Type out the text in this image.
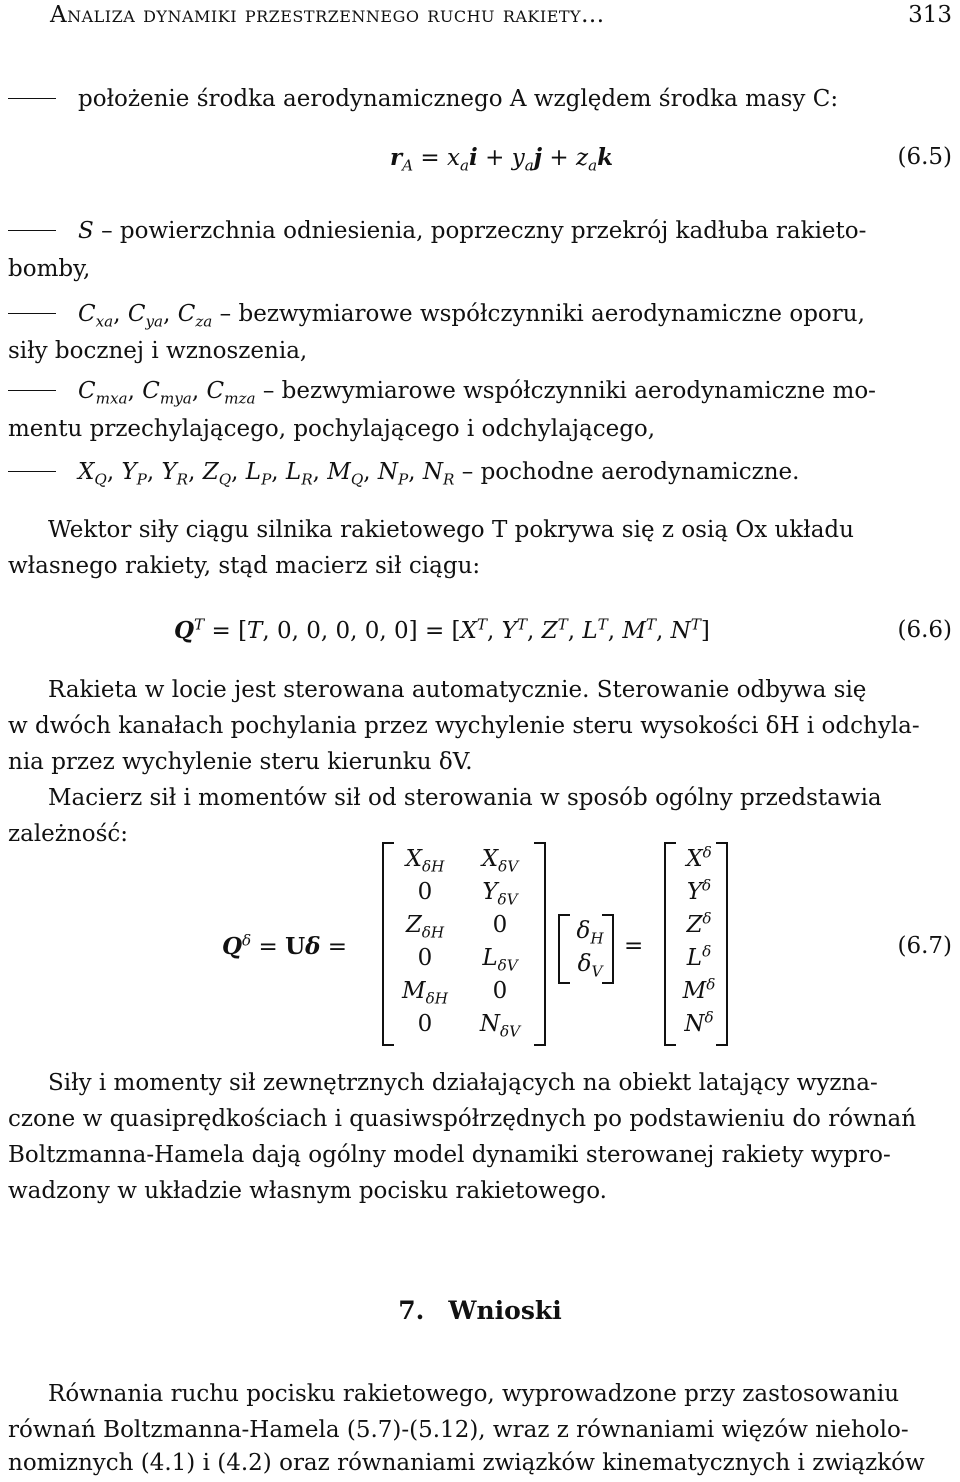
Analiza dynamiki przestrzennego ruchu rakiety...	313
położenie środka aerodynamicznego A względem środka masy C:
$r_A = x_ai + y_aj + z_ak$	(6.5)
S – powierzchnia odniesienia, poprzeczny przekrój kadłuba rakieto-
bomby,
$C_{xa}$, $C_{ya}$, $C_{za}$ – bezwymiarowe współczynniki aerodynamiczne oporu,
siły bocznej i wznoszenia,
$C_{mxa}$, $C_{mya}$, $C_{mza}$ – bezwymiarowe współczynniki aerodynamiczne mo-
mentu przechylającego, pochylającego i odchylającego,
$X_Q$, $Y_P$, $Y_R$, $Z_Q$, $L_P$, $L_R$, $M_Q$, $N_P$, $N_R$ – pochodne aerodynamiczne.
Wektor siły ciągu silnika rakietowego T pokrywa się z osią Ox układu
własnego rakiety, stąd macierz sił ciągu:
$Q^T = [T$, 0, 0, 0, 0, $0] = [X^T$, $Y^T$, $Z^T$, $L^T$, $M^T$, $N^T$]	(6.6)
Rakieta w locie jest sterowana automatycznie. Sterowanie odbywa się
w dwóch kanałach pochylania przez wychylenie steru wysokości δH i odchyla-
nia przez wychylenie steru kierunku δV.
Macierz sił i momentów sił od sterowania w sposób ogólny przedstawia
zależność:
$Q^\delta = U\delta$ =
$X_{\delta H}$	$X_{\delta V}$
0	$Y_{\delta V}$
$Z_{\delta H}$	0
0	$L_{\delta V}$
$M_{\delta H}$	0
0	$N_{\delta V}$
$\delta_H$
$\delta_V$
=
$X^\delta$
$Y^\delta$
$Z^\delta$
$L^\delta$
$M^\delta$
$N^\delta$
(6.7)
Siły i momenty sił zewnętrznych działających na obiekt latający wyzna-
czone w quasiprędkościach i quasiwspółrzędnych po podstawieniu do równań
Boltzmanna-Hamela dają ogólny model dynamiki sterowanej rakiety wypro-
wadzony w układzie własnym pocisku rakietowego.
7. Wnioski
Równania ruchu pocisku rakietowego, wyprowadzone przy zastosowaniu
równań Boltzmanna-Hamela (5.7)-(5.12), wraz z równaniami więzów nieholo-
nomiznych (4.1) i (4.2) oraz równaniami związków kinematycznych i związków
